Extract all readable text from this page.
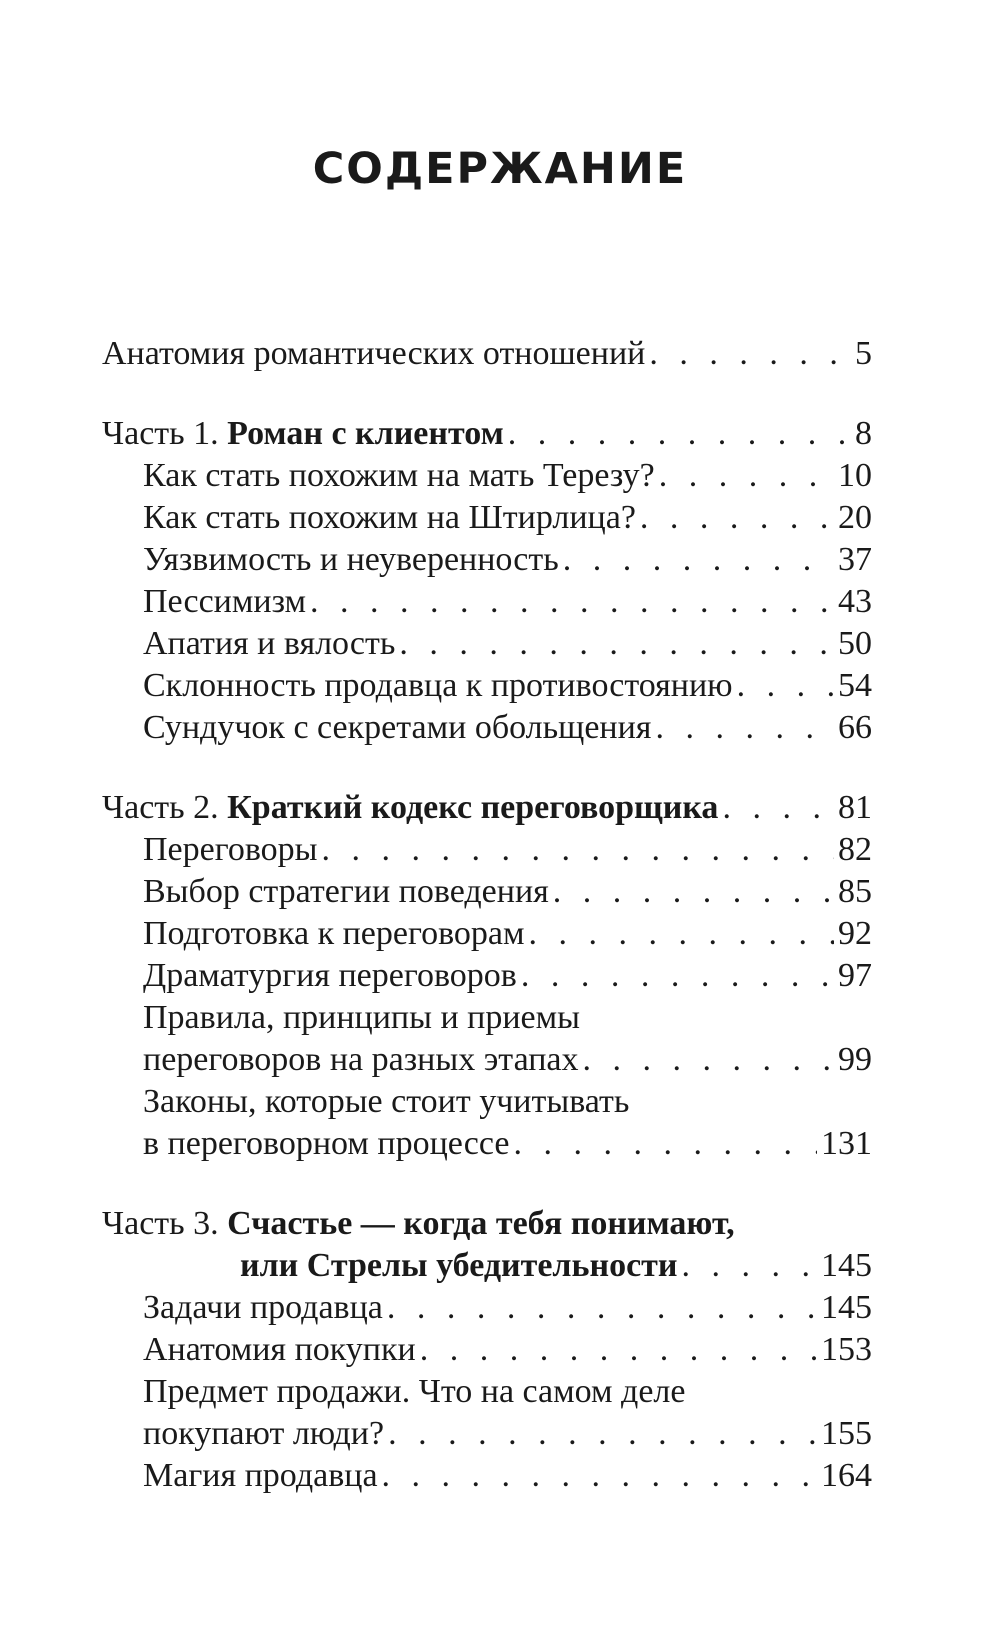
СОДЕРЖАНИЕ
Анатомия романтических отношений . . .	5
Часть 1.
Роман с клиентом . . .	8
Как стать похожим на мать Терезу? . . .	10
Как стать похожим на Штирлица? . . .	20
Уязвимость и неуверенность . . .	37
Пессимизм . . .	43
Апатия и вялость . . .	50
Склонность продавца к противостоянию . . .	54
Сундучок с секретами обольщения . . .	66
Часть 2.
Краткий кодекс переговорщика . . .	81
Переговоры . . .	82
Выбор стратегии поведения . . .	85
Подготовка к переговорам . . .	92
Драматургия переговоров . . .	97
Правила, принципы и приемы
переговоров на разных этапах . . .	99
Законы, которые стоит учитывать
в переговорном процессе . . .	131
Часть 3.
Счастье — когда тебя понимают,
или Стрелы убедительности . . .	145
Задачи продавца . . .	145
Анатомия покупки . . .	153
Предмет продажи. Что на самом деле
покупают люди? . . .	155
Магия продавца . . .	164
